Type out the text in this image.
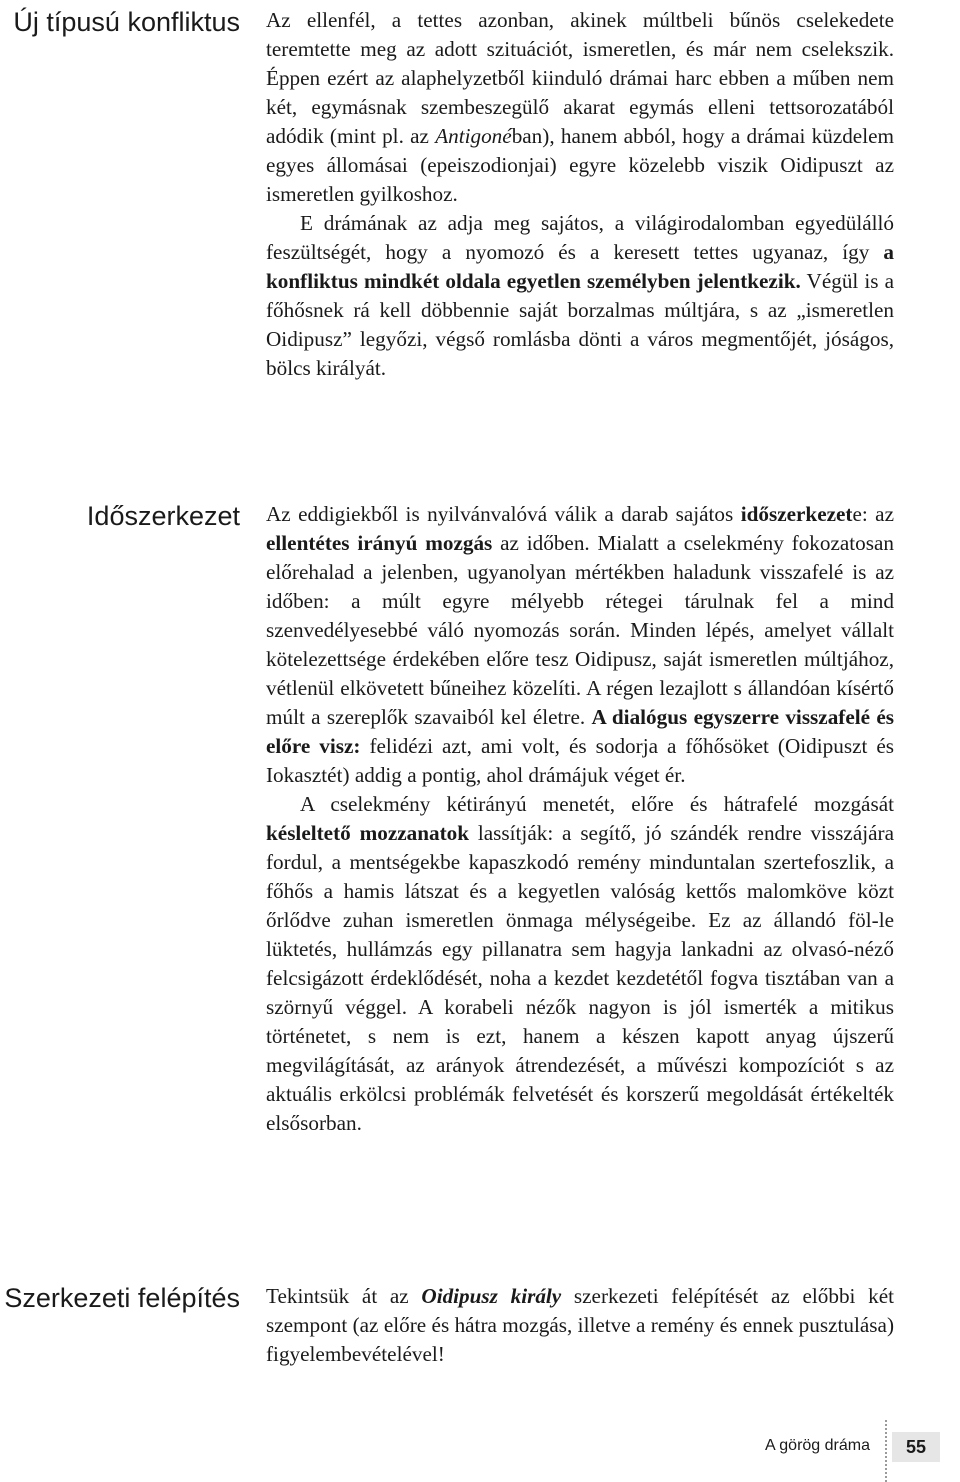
Új típusú konfliktus Az ellenfél, a tettes azonban, akinek múltbeli bűnös cselekedete teremtette meg az adott szituációt, ismeretlen, és már nem cselekszik. Éppen ezért az alaphelyzetből kiinduló drámai harc ebben a műben nem két, egymásnak szembeszegülő akarat egymás elleni tettsorozatából adódik (mint pl. az Antigonéban), hanem abból, hogy a drámai küzdelem egyes állomásai (epeiszodionjai) egyre közelebb viszik Oidipuszt az ismeretlen gyilkoshoz.

E drámának az adja meg sajátos, a világirodalomban egyedülálló feszültségét, hogy a nyomozó és a keresett tettes ugyanaz, így a konfliktus mindkét oldala egyetlen személyben jelentkezik. Végül is a főhősnek rá kell döbbennie saját borzalmas múltjára, s az „ismeretlen Oidipusz” legyőzi, végső romlásba dönti a város megmentőjét, jóságos, bölcs királyát.

Időszerkezet Az eddigiekből is nyilvánvalóvá válik a darab sajátos időszerkezete: az ellentétes irányú mozgás az időben. Mialatt a cselekmény fokozatosan előrehalad a jelenben, ugyanolyan mértékben haladunk visszafelé is az időben: a múlt egyre mélyebb rétegei tárulnak fel a mind szenvedélyesebbé váló nyomozás során. Minden lépés, amelyet vállalt kötelezettsége érdekében előre tesz Oidipusz, saját ismeretlen múltjához, vétlenül elkövetett bűneihez közelíti. A régen lezajlott s állandóan kísértő múlt a szereplők szavaiból kel életre. A dialógus egyszerre visszafelé és előre visz: felidézi azt, ami volt, és sodorja a főhősöket (Oidipuszt és Iokasztét) addig a pontig, ahol drámájuk véget ér.

A cselekmény kétirányú menetét, előre és hátrafelé mozgását késleltető mozzanatok lassítják: a segítő, jó szándék rendre visszájára fordul, a mentségekbe kapaszkodó remény minduntalan szertefoszlik, a főhős a hamis látszat és a kegyetlen valóság kettős malomköve közt őrlődve zuhan ismeretlen önmaga mélységeibe. Ez az állandó föl-le lüktetés, hullámzás egy pillanatra sem hagyja lankadni az olvasó-néző felcsigázott érdeklődését, noha a kezdet kezdetétől fogva tisztában van a szörnyű véggel. A korabeli nézők nagyon is jól ismerték a mitikus történetet, s nem is ezt, hanem a készen kapott anyag újszerű megvilágítását, az arányok átrendezését, a művészi kompozíciót s az aktuális erkölcsi problémák felvetését és korszerű megoldását értékelték elsősorban.

Szerkezeti felépítés Tekintsük át az Oidipusz király szerkezeti felépítését az előbbi két szempont (az előre és hátra mozgás, illetve a remény és ennek pusztulása) figyelembevételével!

A görög dráma 55
